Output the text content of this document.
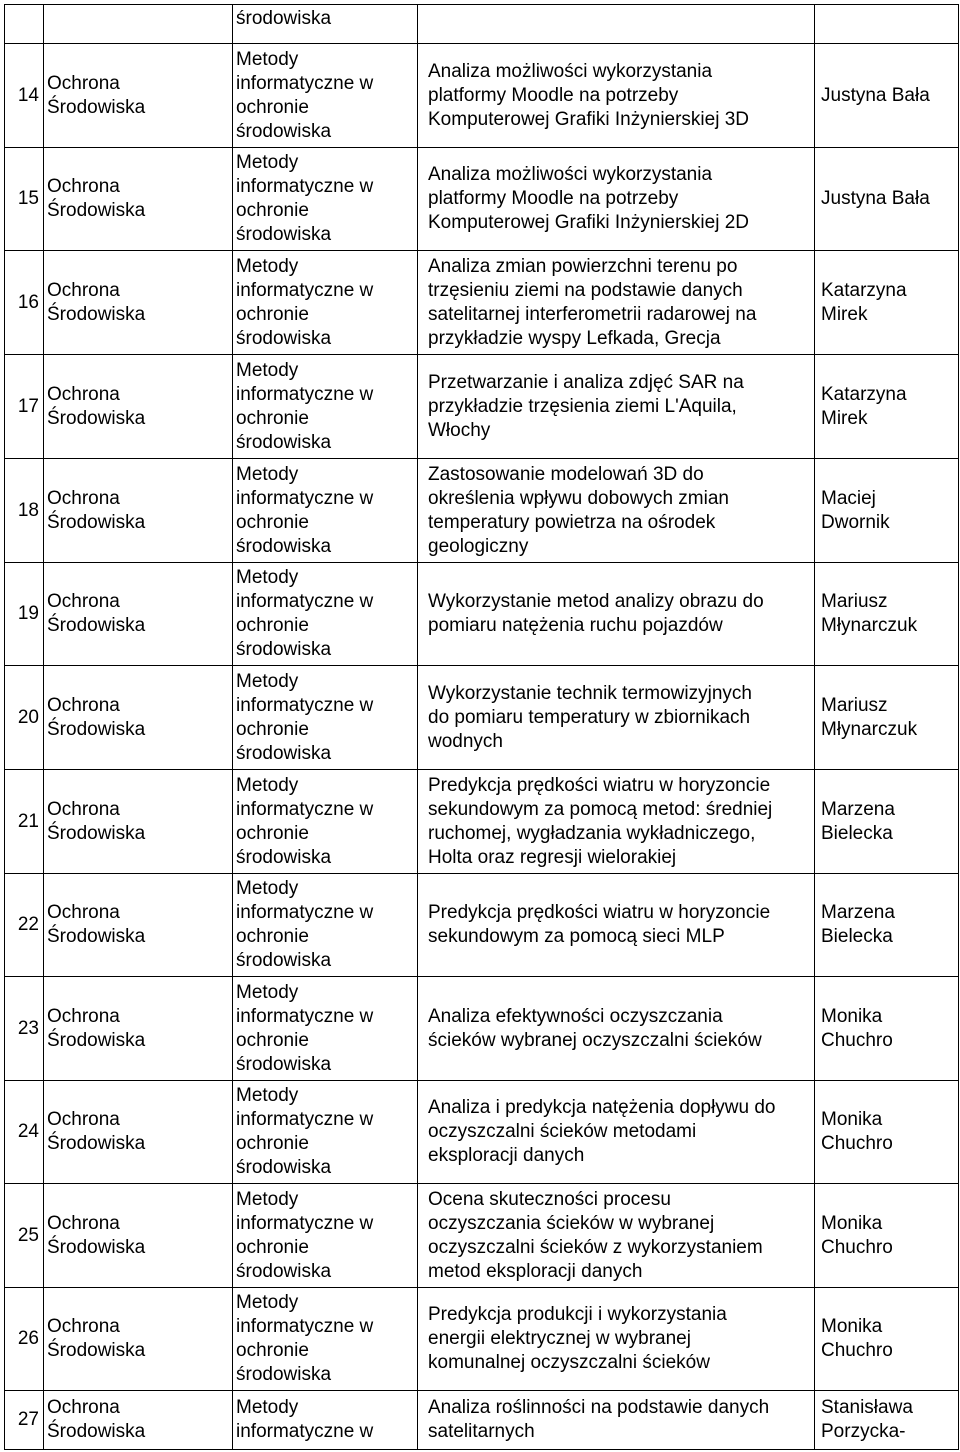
		środowiska		

14	Ochrona
Środowiska	Metody
informatyczne w
ochronie
środowiska	Analiza możliwości wykorzystania
platformy Moodle na potrzeby
Komputerowej Grafiki Inżynierskiej 3D	Justyna Bała

15	Ochrona
Środowiska	Metody
informatyczne w
ochronie
środowiska	Analiza możliwości wykorzystania
platformy Moodle na potrzeby
Komputerowej Grafiki Inżynierskiej 2D	Justyna Bała

16	Ochrona
Środowiska	Metody
informatyczne w
ochronie
środowiska	Analiza zmian powierzchni terenu po
trzęsieniu ziemi na podstawie danych
satelitarnej interferometrii radarowej na
przykładzie wyspy Lefkada, Grecja	Katarzyna
Mirek

17	Ochrona
Środowiska	Metody
informatyczne w
ochronie
środowiska	Przetwarzanie i analiza zdjęć SAR na
przykładzie trzęsienia ziemi L'Aquila,
Włochy	Katarzyna
Mirek

18	Ochrona
Środowiska	Metody
informatyczne w
ochronie
środowiska	Zastosowanie modelowań 3D do
określenia wpływu dobowych zmian
temperatury powietrza na ośrodek
geologiczny	Maciej
Dwornik

19	Ochrona
Środowiska	Metody
informatyczne w
ochronie
środowiska	Wykorzystanie metod analizy obrazu do
pomiaru natężenia ruchu pojazdów	Mariusz
Młynarczuk

20	Ochrona
Środowiska	Metody
informatyczne w
ochronie
środowiska	Wykorzystanie technik termowizyjnych
do pomiaru temperatury w zbiornikach
wodnych	Mariusz
Młynarczuk

21	Ochrona
Środowiska	Metody
informatyczne w
ochronie
środowiska	Predykcja prędkości wiatru w horyzoncie
sekundowym za pomocą metod: średniej
ruchomej, wygładzania wykładniczego,
Holta oraz regresji wielorakiej	Marzena
Bielecka

22	Ochrona
Środowiska	Metody
informatyczne w
ochronie
środowiska	Predykcja prędkości wiatru w horyzoncie
sekundowym za pomocą sieci MLP	Marzena
Bielecka

23	Ochrona
Środowiska	Metody
informatyczne w
ochronie
środowiska	Analiza efektywności oczyszczania
ścieków wybranej oczyszczalni ścieków	Monika
Chuchro

24	Ochrona
Środowiska	Metody
informatyczne w
ochronie
środowiska	Analiza i predykcja natężenia dopływu do
oczyszczalni ścieków metodami
eksploracji danych	Monika
Chuchro

25	Ochrona
Środowiska	Metody
informatyczne w
ochronie
środowiska	Ocena skuteczności procesu
oczyszczania ścieków w wybranej
oczyszczalni ścieków z wykorzystaniem
metod eksploracji danych	Monika
Chuchro

26	Ochrona
Środowiska	Metody
informatyczne w
ochronie
środowiska	Predykcja produkcji i wykorzystania
energii elektrycznej w wybranej
komunalnej oczyszczalni ścieków	Monika
Chuchro

27	Ochrona
Środowiska	Metody
informatyczne w	Analiza roślinności na podstawie danych
satelitarnych	Stanisława
Porzycka-
